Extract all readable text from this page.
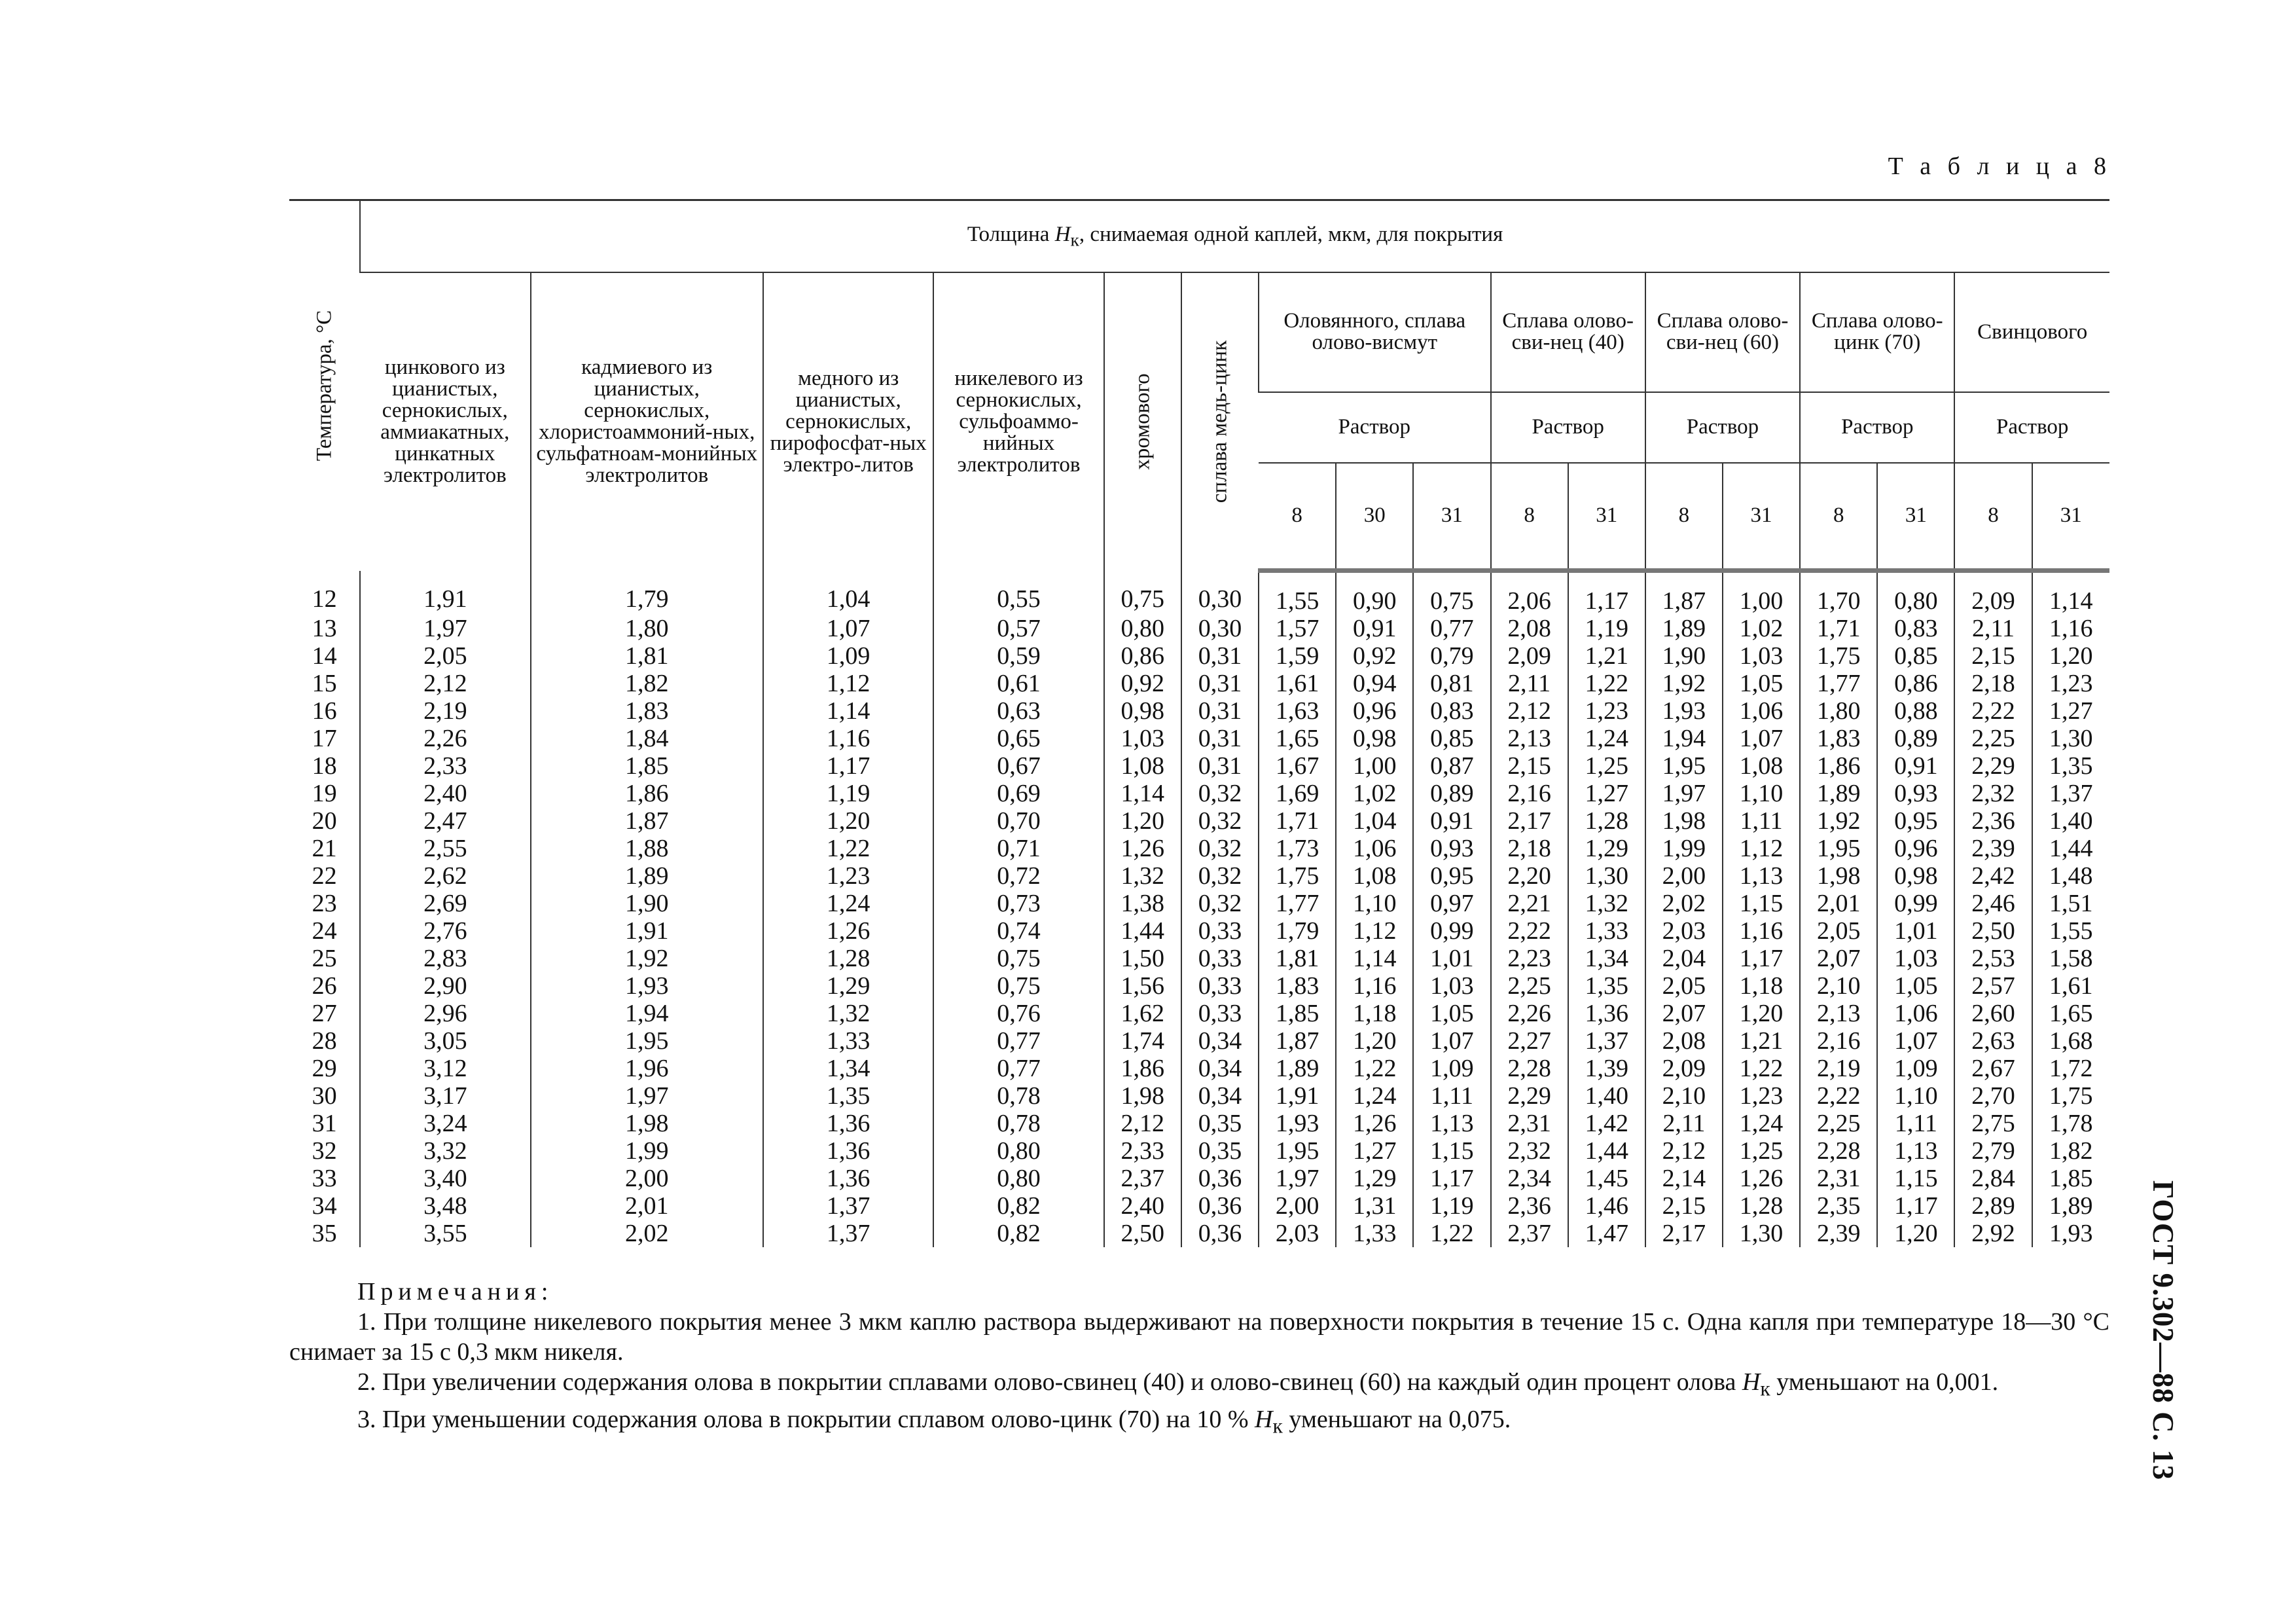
Т а б л и ц а 8
Температура, °С	Толщина $H_к$, снимаемая одной каплей, мкм, для покрытия																
	цинкового из цианистых, сернокислых, аммиакатных, цинкатных электролитов	кадмиевого из цианистых, сернокислых, хлористоаммоний-ных, сульфатноам-монийных электролитов	медного из цианистых, сернокислых, пирофосфат-ных электро-литов	никелевого из сернокислых, сульфоаммо-нийных электролитов	хромового	сплава медь-цинк	Оловянного, сплава олово-висмут			Сплава олово-сви-нец (40)		Сплава олово-сви-нец (60)		Сплава олово-цинк (70)		Свинцового	
							Раствор			Раствор		Раствор		Раствор		Раствор	
							8	30	31	8	31	8	31	8	31	8	31
12	1,91	1,79	1,04	0,55	0,75	0,30	1,55	0,90	0,75	2,06	1,17	1,87	1,00	1,70	0,80	2,09	1,14
13	1,97	1,80	1,07	0,57	0,80	0,30	1,57	0,91	0,77	2,08	1,19	1,89	1,02	1,71	0,83	2,11	1,16
14	2,05	1,81	1,09	0,59	0,86	0,31	1,59	0,92	0,79	2,09	1,21	1,90	1,03	1,75	0,85	2,15	1,20
15	2,12	1,82	1,12	0,61	0,92	0,31	1,61	0,94	0,81	2,11	1,22	1,92	1,05	1,77	0,86	2,18	1,23
16	2,19	1,83	1,14	0,63	0,98	0,31	1,63	0,96	0,83	2,12	1,23	1,93	1,06	1,80	0,88	2,22	1,27
17	2,26	1,84	1,16	0,65	1,03	0,31	1,65	0,98	0,85	2,13	1,24	1,94	1,07	1,83	0,89	2,25	1,30
18	2,33	1,85	1,17	0,67	1,08	0,31	1,67	1,00	0,87	2,15	1,25	1,95	1,08	1,86	0,91	2,29	1,35
19	2,40	1,86	1,19	0,69	1,14	0,32	1,69	1,02	0,89	2,16	1,27	1,97	1,10	1,89	0,93	2,32	1,37
20	2,47	1,87	1,20	0,70	1,20	0,32	1,71	1,04	0,91	2,17	1,28	1,98	1,11	1,92	0,95	2,36	1,40
21	2,55	1,88	1,22	0,71	1,26	0,32	1,73	1,06	0,93	2,18	1,29	1,99	1,12	1,95	0,96	2,39	1,44
22	2,62	1,89	1,23	0,72	1,32	0,32	1,75	1,08	0,95	2,20	1,30	2,00	1,13	1,98	0,98	2,42	1,48
23	2,69	1,90	1,24	0,73	1,38	0,32	1,77	1,10	0,97	2,21	1,32	2,02	1,15	2,01	0,99	2,46	1,51
24	2,76	1,91	1,26	0,74	1,44	0,33	1,79	1,12	0,99	2,22	1,33	2,03	1,16	2,05	1,01	2,50	1,55
25	2,83	1,92	1,28	0,75	1,50	0,33	1,81	1,14	1,01	2,23	1,34	2,04	1,17	2,07	1,03	2,53	1,58
26	2,90	1,93	1,29	0,75	1,56	0,33	1,83	1,16	1,03	2,25	1,35	2,05	1,18	2,10	1,05	2,57	1,61
27	2,96	1,94	1,32	0,76	1,62	0,33	1,85	1,18	1,05	2,26	1,36	2,07	1,20	2,13	1,06	2,60	1,65
28	3,05	1,95	1,33	0,77	1,74	0,34	1,87	1,20	1,07	2,27	1,37	2,08	1,21	2,16	1,07	2,63	1,68
29	3,12	1,96	1,34	0,77	1,86	0,34	1,89	1,22	1,09	2,28	1,39	2,09	1,22	2,19	1,09	2,67	1,72
30	3,17	1,97	1,35	0,78	1,98	0,34	1,91	1,24	1,11	2,29	1,40	2,10	1,23	2,22	1,10	2,70	1,75
31	3,24	1,98	1,36	0,78	2,12	0,35	1,93	1,26	1,13	2,31	1,42	2,11	1,24	2,25	1,11	2,75	1,78
32	3,32	1,99	1,36	0,80	2,33	0,35	1,95	1,27	1,15	2,32	1,44	2,12	1,25	2,28	1,13	2,79	1,82
33	3,40	2,00	1,36	0,80	2,37	0,36	1,97	1,29	1,17	2,34	1,45	2,14	1,26	2,31	1,15	2,84	1,85
34	3,48	2,01	1,37	0,82	2,40	0,36	2,00	1,31	1,19	2,36	1,46	2,15	1,28	2,35	1,17	2,89	1,89
35	3,55	2,02	1,37	0,82	2,50	0,36	2,03	1,33	1,22	2,37	1,47	2,17	1,30	2,39	1,20	2,92	1,93

Примечания:

1. При толщине никелевого покрытия менее 3 мкм каплю раствора выдерживают на поверхности покрытия в течение 15 с. Одна капля при температуре 18—30 °С снимает за 15 с 0,3 мкм никеля.

2. При увеличении содержания олова в покрытии сплавами олово-свинец (40) и олово-свинец (60) на каждый один процент олова $H_к$ уменьшают на 0,001.

3. При уменьшении содержания олова в покрытии сплавом олово-цинк (70) на 10 % $H_к$ уменьшают на 0,075.	ГОСТ 9.302—88 С. 13
